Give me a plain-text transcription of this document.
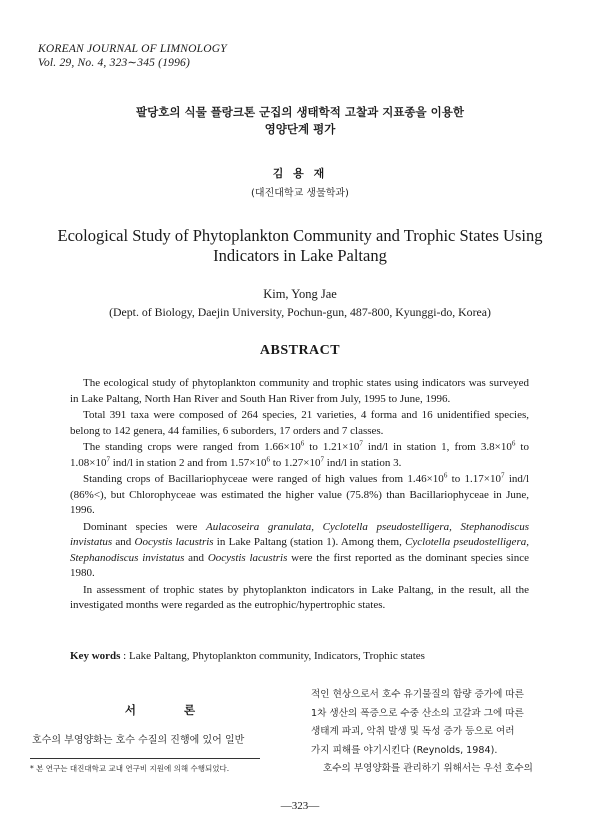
KOREAN JOURNAL OF LIMNOLOGY
Vol. 29, No. 4, 323∼345 (1996)
팔당호의 식물 플랑크톤 군집의 생태학적 고찰과 지표종을 이용한
영양단계 평가
김 용 재
(대진대학교 생물학과)
Ecological Study of Phytoplankton Community and Trophic States Using
Indicators in Lake Paltang
Kim, Yong Jae
(Dept. of Biology, Daejin University, Pochun-gun, 487-800, Kyunggi-do, Korea)
ABSTRACT

The ecological study of phytoplankton community and trophic states using indicators was surveyed in Lake Paltang, North Han River and South Han River from July, 1995 to June, 1996.

Total 391 taxa were composed of 264 species, 21 varieties, 4 forma and 16 unidentified species, belong to 142 genera, 44 families, 6 suborders, 17 orders and 7 classes.

The standing crops were ranged from $1.66\times 10^6$ to $1.21\times 10^7$ ind/l in station 1, from $3.8\times 10^6$ to $1.08\times 10^7$ ind/l in station 2 and from $1.57\times 10^6$ to $1.27\times 10^7$ ind/l in station 3.

Standing crops of Bacillariophyceae were ranged of high values from $1.46\times 10^6$ to $1.17\times 10^7$ ind/l (86%<), but Chlorophyceae was estimated the higher value (75.8%) than Bacillariophyceae in June, 1996.

Dominant species were Aulacoseira granulata, Cyclotella pseudostelligera, Stephanodiscus invistatus and Oocystis lacustris in Lake Paltang (station 1). Among them, Cyclotella pseudostelligera, Stephanodiscus invistatus and Oocystis lacustris were the first reported as the dominant species since 1980.

In assessment of trophic states by phytoplankton indicators in Lake Paltang, in the result, all the investigated months were regarded as the eutrophic/hypertrophic states.

Key words : Lake Paltang, Phytoplankton community, Indicators, Trophic states
서 론
호수의 부영양화는 호수 수질의 진행에 있어 일반
적인 현상으로서 호수 유기물질의 함량 증가에 따른
1차 생산의 폭증으로 수중 산소의 고갈과 그에 따른
생태계 파괴, 악취 발생 및 독성 증가 등으로 여러
가지 피해를 야기시킨다 (Reynolds, 1984).
호수의 부영양화를 관리하기 위해서는 우선 호수의
* 본 연구는 대진대학교 교내 연구비 지원에 의해 수행되었다.
—323—
